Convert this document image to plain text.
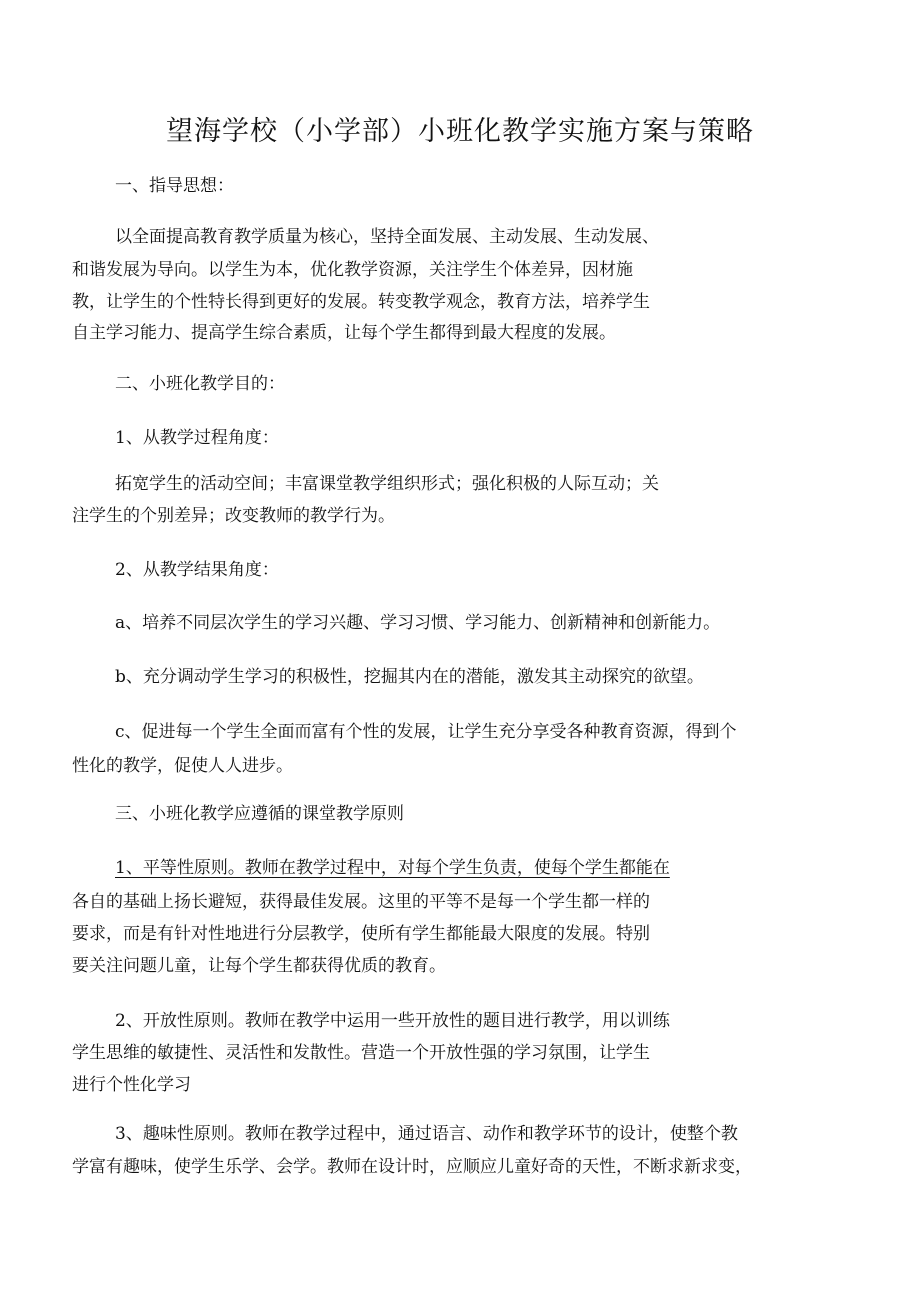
望海学校（小学部）小班化教学实施方案与策略
一、指导思想：
以全面提高教育教学质量为核心，坚持全面发展、主动发展、生动发展、
和谐发展为导向。以学生为本，优化教学资源，关注学生个体差异，因材施
教，让学生的个性特长得到更好的发展。转变教学观念，教育方法，培养学生
自主学习能力、提高学生综合素质，让每个学生都得到最大程度的发展。
二、小班化教学目的：
1、从教学过程角度：
拓宽学生的活动空间；丰富课堂教学组织形式；强化积极的人际互动；关
注学生的个别差异；改变教师的教学行为。
2、从教学结果角度：
a、培养不同层次学生的学习兴趣、学习习惯、学习能力、创新精神和创新能力。
b、充分调动学生学习的积极性，挖掘其内在的潜能，激发其主动探究的欲望。
c、促进每一个学生全面而富有个性的发展，让学生充分享受各种教育资源，得到个
性化的教学，促使人人进步。
三、小班化教学应遵循的课堂教学原则
1、平等性原则。教师在教学过程中，对每个学生负责，使每个学生都能在
各自的基础上扬长避短，获得最佳发展。这里的平等不是每一个学生都一样的
要求，而是有针对性地进行分层教学，使所有学生都能最大限度的发展。特别
要关注问题儿童，让每个学生都获得优质的教育。
2、开放性原则。教师在教学中运用一些开放性的题目进行教学，用以训练
学生思维的敏捷性、灵活性和发散性。营造一个开放性强的学习氛围，让学生
进行个性化学习
3、趣味性原则。教师在教学过程中，通过语言、动作和教学环节的设计，使整个教
学富有趣味，使学生乐学、会学。教师在设计时，应顺应儿童好奇的天性，不断求新求变，
